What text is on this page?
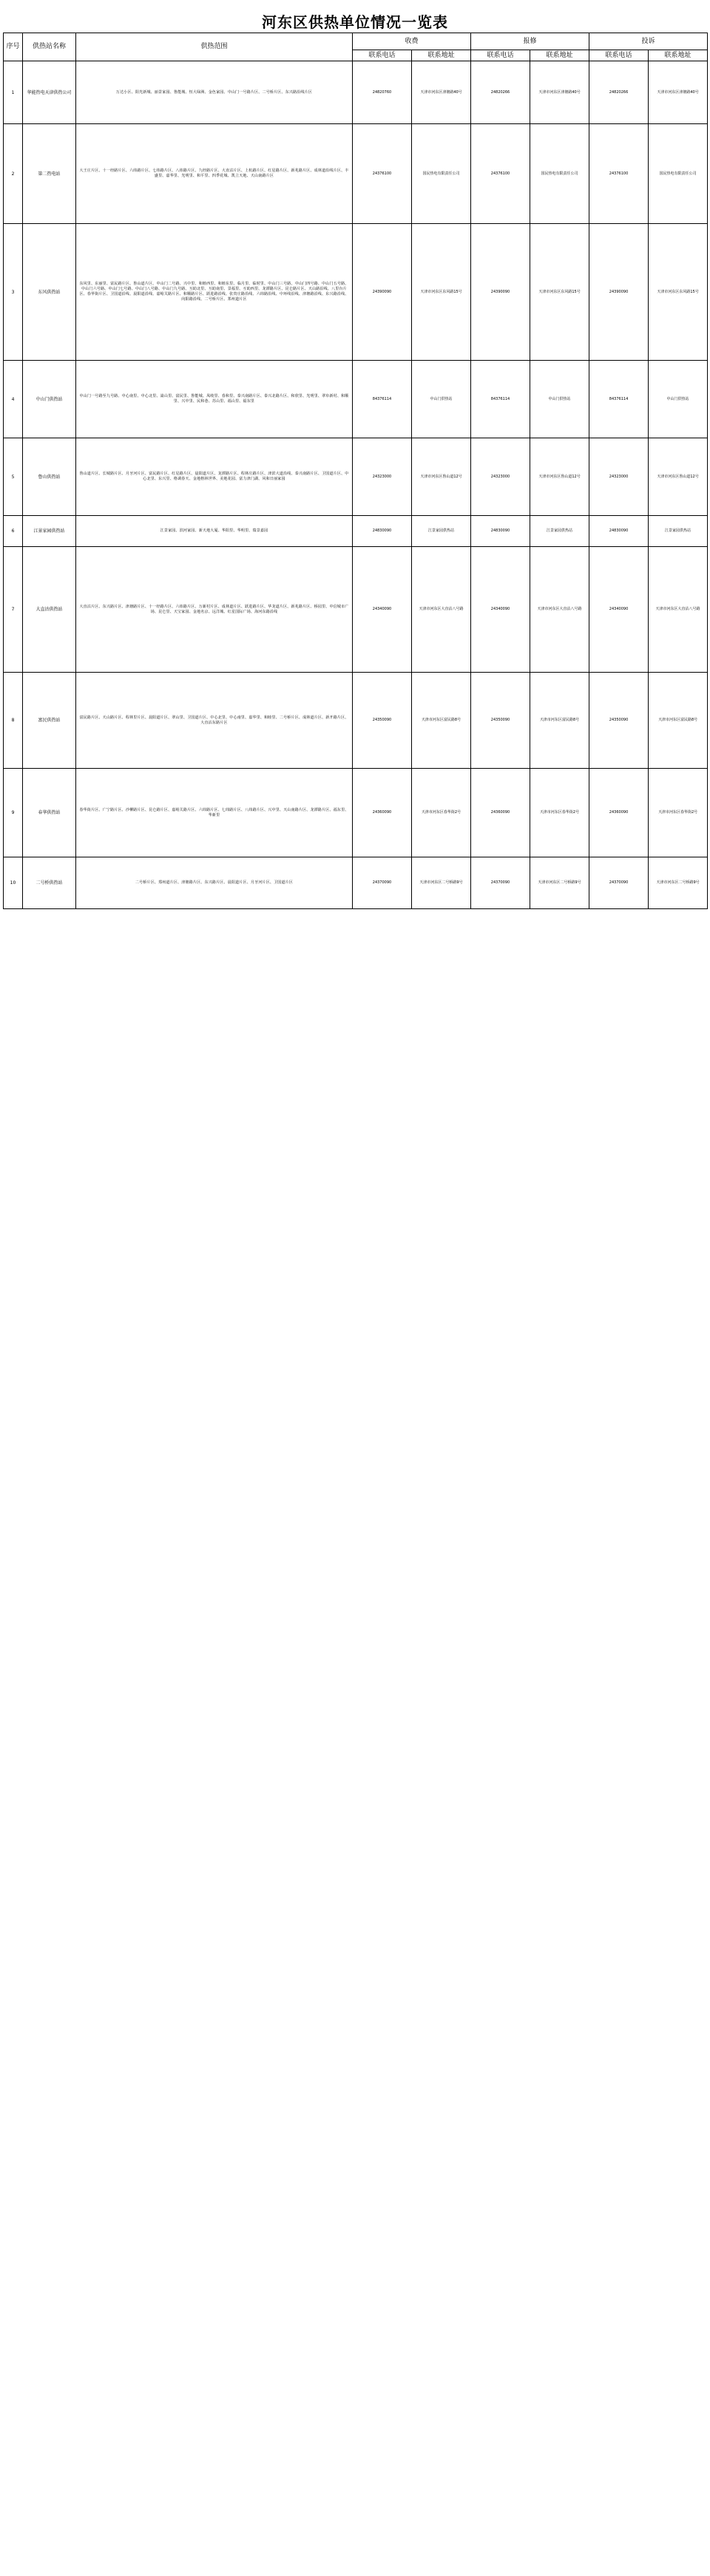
河东区供热单位情况一览表
序号	供热站名称	供热范围	收费		报修		投诉	
			联系电话	联系地址	联系电话	联系地址	联系电话	联系地址
1	华能热电天津供热公司	万达小区、阳光新城、丽景家园、鲁能城、恒大绿洲、金色家园、中山门一号路片区、二号桥片区、东兴路沿线片区	24820760	天津市河东区津塘路40号	24820266	天津市河东区津塘路40号	24820266	天津市河东区津塘路40号
2	第二热电站	大王庄片区、十一经路片区、六纬路片区、七纬路片区、八纬路片区、九经路片区、大直沽片区、上杭路片区、红星路片区、新兆路片区、成林道沿线片区、丰盛里、嘉华里、光明里、和平里、四季花城、凯立天地、天山南路片区	24376100	国民热电有限责任公司	24376100	国民热电有限责任公司	24376100	国民热电有限责任公司
3	东风供热站	东风里、东丽里、富民路片区、鲁山道片区、中山门二号路、兴中里、和睦西里、和睦东里、临月里、临时里、中山门三号路、中山门四号路、中山门五号路、中山门六号路、中山门七号路、中山门八号路、中山门九号路、互助北里、互助南里、景福里、互助西里、龙潭路片区、昆仑路片区、天山路沿线、八里台片区、春华街片区、卫国道沿线、晨阳道沿线、嘉峪关路片区、和顺路片区、跃进路沿线、张贵庄路沿线、六纬路沿线、中环线沿线、津塘路沿线、东兴路沿线、向阳路沿线、二号桥片区、郑州道片区	24390090	天津市河东区东风路15号	24390090	天津市河东区东风路15号	24390090	天津市河东区东风路15号
4	中山门供热站	中山门一号路至九号路、中心南里、中心北里、嵩山里、富民里、鲁能城、凤岐里、春和里、泰兴南路片区、泰兴北路片区、和欣里、光明里、翠阜新村、和顺里、兴中里、民和巷、苏山里、福山里、福东里	84376114	中山门供热站	84376114	中山门供热站	84376114	中山门供热站
5	鲁山供热站	鲁山道片区、长城路片区、月牙河片区、富民路片区、红星路片区、晨阳道片区、龙潭路片区、程林庄路片区、津滨大道沿线、泰兴南路片区、卫国道片区、中心北里、东兴里、格调春天、金地格林世界、美地花园、富力津门湖、风和日丽家园	24323000	天津市河东区鲁山道12号	24323000	天津市河东区鲁山道12号	24323000	天津市河东区鲁山道12号
6	江景家园供热站	江景家园、滨河家园、新天地大厦、华阳里、华明里、瑞景嘉园	24830090	江景家园供热站	24830090	江景家园供热站	24830090	江景家园供热站
7	大直沽供热站	大直沽片区、东兴路片区、津塘路片区、十一经路片区、六纬路片区、万新村片区、成林道片区、跃进路片区、华龙道片区、新兆路片区、桥园里、中信城市广场、昆仑里、天宝家园、金地名京、远洋城、红星国际广场、海河东路沿线	24340090	天津市河东区大直沽八号路	24340090	天津市河东区大直沽八号路	24340090	天津市河东区大直沽八号路
8	富民供热站	富民路片区、天山路片区、程林里片区、晨阳道片区、翠山里、卫国道片区、中心北里、中心南里、嘉华里、和睦里、二号桥片区、成林道片区、新开路片区、大直沽东路片区	24350090	天津市河东区富民路8号	24350090	天津市河东区富民路8号	24350090	天津市河东区富民路8号
9	春华供热站	春华街片区、广宁路片区、沙柳路片区、昆仑路片区、嘉峪关路片区、六纬路片区、七纬路片区、八纬路片区、兴中里、天山南路片区、龙潭路片区、福东里、华新里	24360090	天津市河东区春华街2号	24360090	天津市河东区春华街2号	24360090	天津市河东区春华街2号
10	二号桥供热站	二号桥片区、郑州道片区、津塘路片区、东兴路片区、晨阳道片区、月牙河片区、卫国道片区	24370090	天津市河东区二号桥路9号	24370090	天津市河东区二号桥路9号	24370090	天津市河东区二号桥路9号
